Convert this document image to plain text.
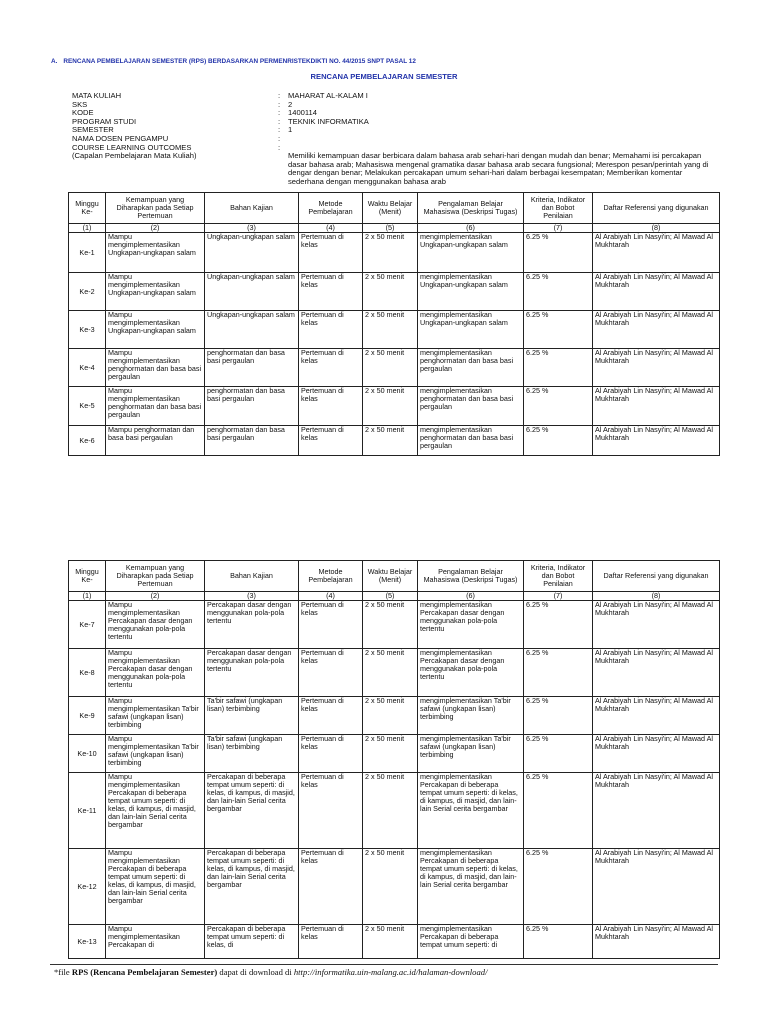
A. RENCANA PEMBELAJARAN SEMESTER (RPS) BERDASARKAN PERMENRISTEKDIKTI NO. 44/2015 SNPT PASAL 12
RENCANA PEMBELAJARAN SEMESTER
MATA KULIAH	:	MAHARAT AL-KALAM I
SKS	:	2
KODE	:	1400114
PROGRAM STUDI	:	TEKNIK INFORMATIKA
SEMESTER	:	1
NAMA DOSEN PENGAMPU	:
COURSE LEARNING OUTCOMES
(Capalan Pembelajaran Mata Kuliah)
:
Memiliki kemampuan dasar berbicara dalam bahasa arab sehari-hari dengan mudah dan benar; Memahami isi percakapan dasar bahasa arab; Mahasiswa mengenal gramatika dasar bahasa arab secara fungsional; Merespon pesan/perintah yang di dengar dengan benar; Melakukan percakapan umum sehari-hari dalam berbagai kesempatan; Memberikan komentar sederhana dengan menggunakan bahasa arab
Minggu Ke-	Kemampuan yang Diharapkan pada Setiap Pertemuan	Bahan Kajian	Metode Pembelajaran	Waktu Belajar (Menit)	Pengalaman Belajar Mahasiswa (Deskripsi Tugas)	Kriteria, Indikator dan Bobot Penilaian	Daftar Referensi yang digunakan
(1)	(2)	(3)	(4)	(5)	(6)	(7)	(8)
Ke-1	Mampu mengimplementasikan Ungkapan-ungkapan salam	Ungkapan-ungkapan salam	Pertemuan di kelas	2 x 50 menit	mengimplementasikan Ungkapan-ungkapan salam	6.25 %	Al Arabiyah Lin Nasyi'in; Al Mawad Al Mukhtarah
Ke-2	Mampu mengimplementasikan Ungkapan-ungkapan salam	Ungkapan-ungkapan salam	Pertemuan di kelas	2 x 50 menit	mengimplementasikan Ungkapan-ungkapan salam	6.25 %	Al Arabiyah Lin Nasyi'in; Al Mawad Al Mukhtarah
Ke-3	Mampu mengimplementasikan Ungkapan-ungkapan salam	Ungkapan-ungkapan salam	Pertemuan di kelas	2 x 50 menit	mengimplementasikan Ungkapan-ungkapan salam	6.25 %	Al Arabiyah Lin Nasyi'in; Al Mawad Al Mukhtarah
Ke-4	Mampu mengimplementasikan penghormatan dan basa basi pergaulan	penghormatan dan basa basi pergaulan	Pertemuan di kelas	2 x 50 menit	mengimplementasikan penghormatan dan basa basi pergaulan	6.25 %	Al Arabiyah Lin Nasyi'in; Al Mawad Al Mukhtarah
Ke-5	Mampu mengimplementasikan penghormatan dan basa basi pergaulan	penghormatan dan basa basi pergaulan	Pertemuan di kelas	2 x 50 menit	mengimplementasikan penghormatan dan basa basi pergaulan	6.25 %	Al Arabiyah Lin Nasyi'in; Al Mawad Al Mukhtarah
Ke-6	Mampu penghormatan dan basa basi pergaulan	penghormatan dan basa basi pergaulan	Pertemuan di kelas	2 x 50 menit	mengimplementasikan penghormatan dan basa basi pergaulan	6.25 %	Al Arabiyah Lin Nasyi'in; Al Mawad Al Mukhtarah
Minggu Ke-	Kemampuan yang Diharapkan pada Setiap Pertemuan	Bahan Kajian	Metode Pembelajaran	Waktu Belajar (Menit)	Pengalaman Belajar Mahasiswa (Deskripsi Tugas)	Kriteria, Indikator dan Bobot Penilaian	Daftar Referensi yang digunakan
(1)	(2)	(3)	(4)	(5)	(6)	(7)	(8)
Ke-7	Mampu mengimplementasikan Percakapan dasar dengan menggunakan pola-pola tertentu	Percakapan dasar dengan menggunakan pola-pola tertentu	Pertemuan di kelas	2 x 50 menit	mengimplementasikan Percakapan dasar dengan menggunakan pola-pola tertentu	6.25 %	Al Arabiyah Lin Nasyi'in; Al Mawad Al Mukhtarah
Ke-8	Mampu mengimplementasikan Percakapan dasar dengan menggunakan pola-pola tertentu	Percakapan dasar dengan menggunakan pola-pola tertentu	Pertemuan di kelas	2 x 50 menit	mengimplementasikan Percakapan dasar dengan menggunakan pola-pola tertentu	6.25 %	Al Arabiyah Lin Nasyi'in; Al Mawad Al Mukhtarah
Ke-9	Mampu mengimplementasikan Ta'bir safawi (ungkapan lisan) terbimbing	Ta'bir safawi (ungkapan lisan) terbimbing	Pertemuan di kelas	2 x 50 menit	mengimplementasikan Ta'bir safawi (ungkapan lisan) terbimbing	6.25 %	Al Arabiyah Lin Nasyi'in; Al Mawad Al Mukhtarah
Ke-10	Mampu mengimplementasikan Ta'bir safawi (ungkapan lisan) terbimbing	Ta'bir safawi (ungkapan lisan) terbimbing	Pertemuan di kelas	2 x 50 menit	mengimplementasikan Ta'bir safawi (ungkapan lisan) terbimbing	6.25 %	Al Arabiyah Lin Nasyi'in; Al Mawad Al Mukhtarah
Ke-11	Mampu mengimplementasikan Percakapan di beberapa tempat umum seperti: di kelas, di kampus, di masjid, dan lain-lain Serial cerita bergambar	Percakapan di beberapa tempat umum seperti: di kelas, di kampus, di masjid, dan lain-lain Serial cerita bergambar	Pertemuan di kelas	2 x 50 menit	mengimplementasikan Percakapan di beberapa tempat umum seperti: di kelas, di kampus, di masjid, dan lain-lain Serial cerita bergambar	6.25 %	Al Arabiyah Lin Nasyi'in; Al Mawad Al Mukhtarah
Ke-12	Mampu mengimplementasikan Percakapan di beberapa tempat umum seperti: di kelas, di kampus, di masjid, dan lain-lain Serial cerita bergambar	Percakapan di beberapa tempat umum seperti: di kelas, di kampus, di masjid, dan lain-lain Serial cerita bergambar	Pertemuan di kelas	2 x 50 menit	mengimplementasikan Percakapan di beberapa tempat umum seperti: di kelas, di kampus, di masjid, dan lain-lain Serial cerita bergambar	6.25 %	Al Arabiyah Lin Nasyi'in; Al Mawad Al Mukhtarah
Ke-13	Mampu mengimplementasikan Percakapan di	Percakapan di beberapa tempat umum seperti: di kelas, di	Pertemuan di kelas	2 x 50 menit	mengimplementasikan Percakapan di beberapa tempat umum seperti: di	6.25 %	Al Arabiyah Lin Nasyi'in; Al Mawad Al Mukhtarah
*file RPS (Rencana Pembelajaran Semester) dapat di download di http://informatika.uin-malang.ac.id/halaman-download/
